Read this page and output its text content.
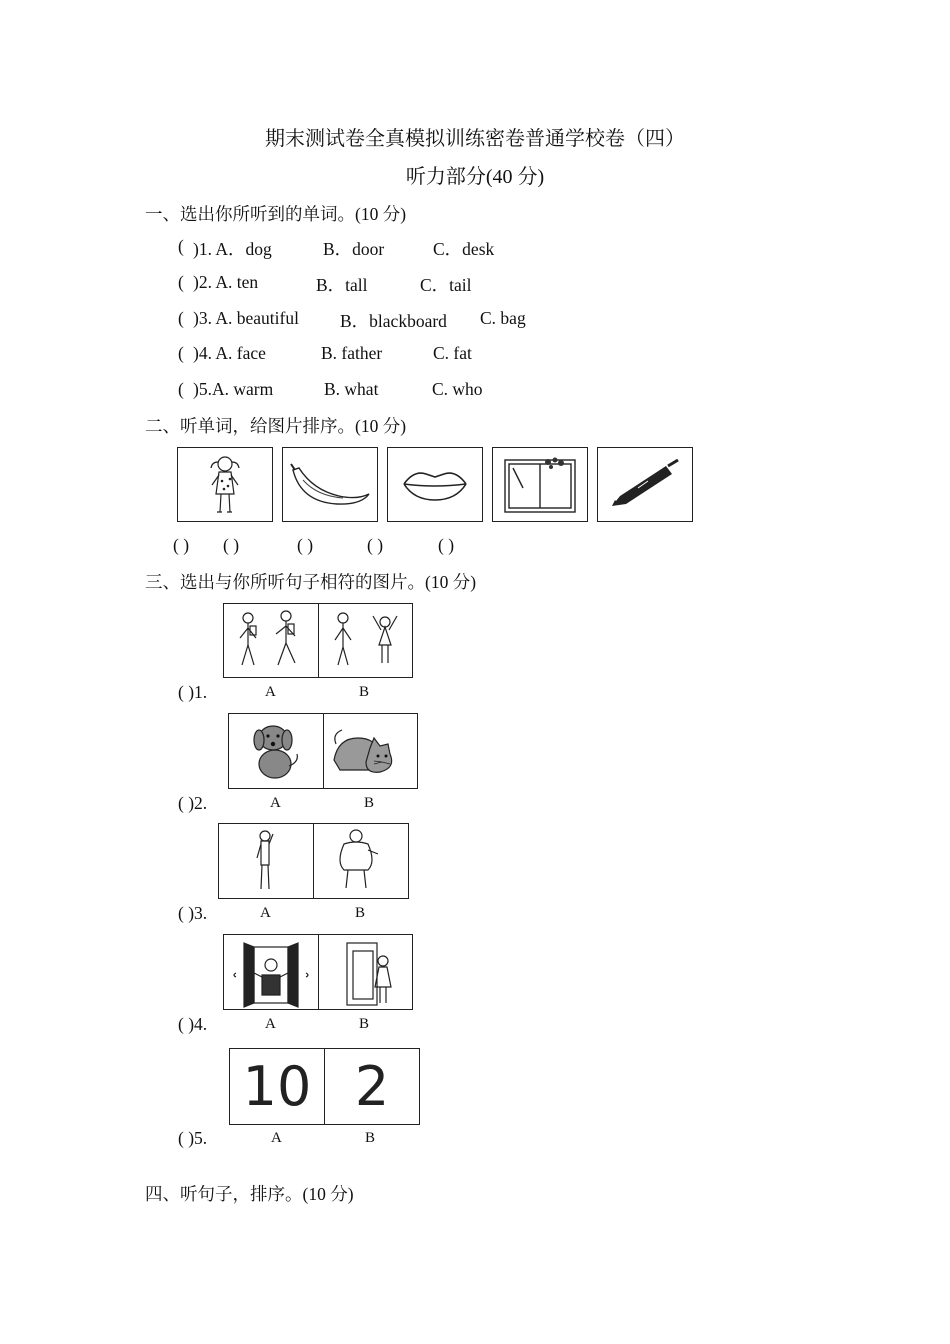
期末测试卷全真模拟训练密卷普通学校卷（四）
听力部分(40 分)
一、选出你所听到的单词。(10 分)
( )1. A．dog	B．door	C．desk
( )2. A. ten	B．tall	C．tail
( )3. A. beautiful B．blackboard C. bag
( )4. A. face	B. father	C. fat
( )5.A. warm	B. what	C. who
二、听单词，给图片排序。(10 分)
( ) ( )	( )	( )	( )
三、选出与你所听句子相符的图片。(10 分)
( )1.	A	B
( )2.	A	B
( )3.	A	B
( )4.	A	B
10 2
( )5.	A	B
四、听句子，排序。(10 分)
